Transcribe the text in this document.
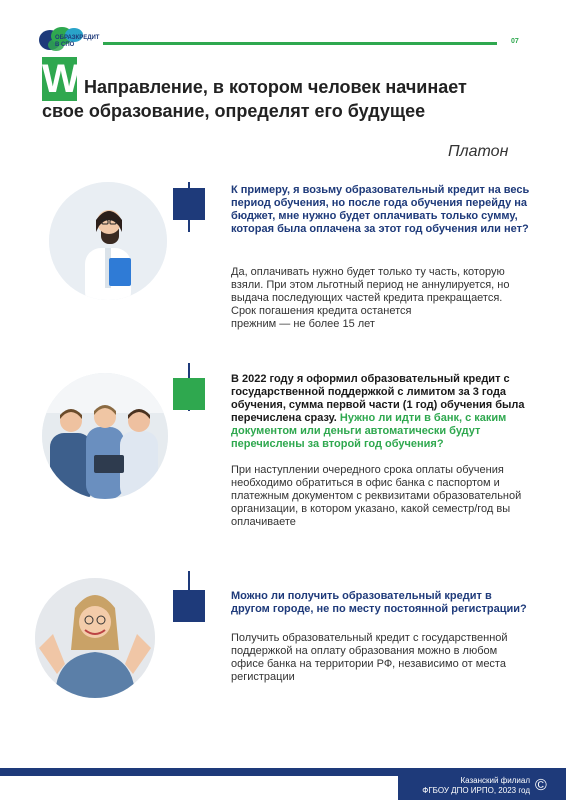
ОБРАЗКРЕДИТ В СПО	07
W Направление, в котором человек начинает
свое образование, определят его будущее
Платон
К примеру, я возьму образовательный кредит на весь период обучения, но после года обучения перейду на бюджет, мне нужно будет оплачивать только сумму, которая была оплачена за этот год обучения или нет?
Да, оплачивать нужно будет только ту часть, которую взяли. При этом льготный период не аннулируется, но выдача последующих частей кредита прекращается.
Срок погашения кредита останется
прежним — не более 15 лет
В 2022 году я оформил образовательный кредит с государственной поддержкой с лимитом за 3 года обучения, сумма первой части (1 год) обучения была перечислена сразу. Нужно ли идти в банк, с каким документом или деньги автоматически будут перечислены за второй год обучения?
При наступлении очередного срока оплаты обучения необходимо обратиться в офис банка с паспортом и платежным документом с реквизитами образовательной организации, в котором указано, какой семестр/год вы оплачиваете
Можно ли получить образовательный кредит в другом городе, не по месту постоянной регистрации?
Получить образовательный кредит с государственной поддержкой на оплату образования можно в любом офисе банка на территории РФ, независимо от места регистрации
Казанский филиал
ФГБОУ ДПО ИРПО, 2023 год ©
